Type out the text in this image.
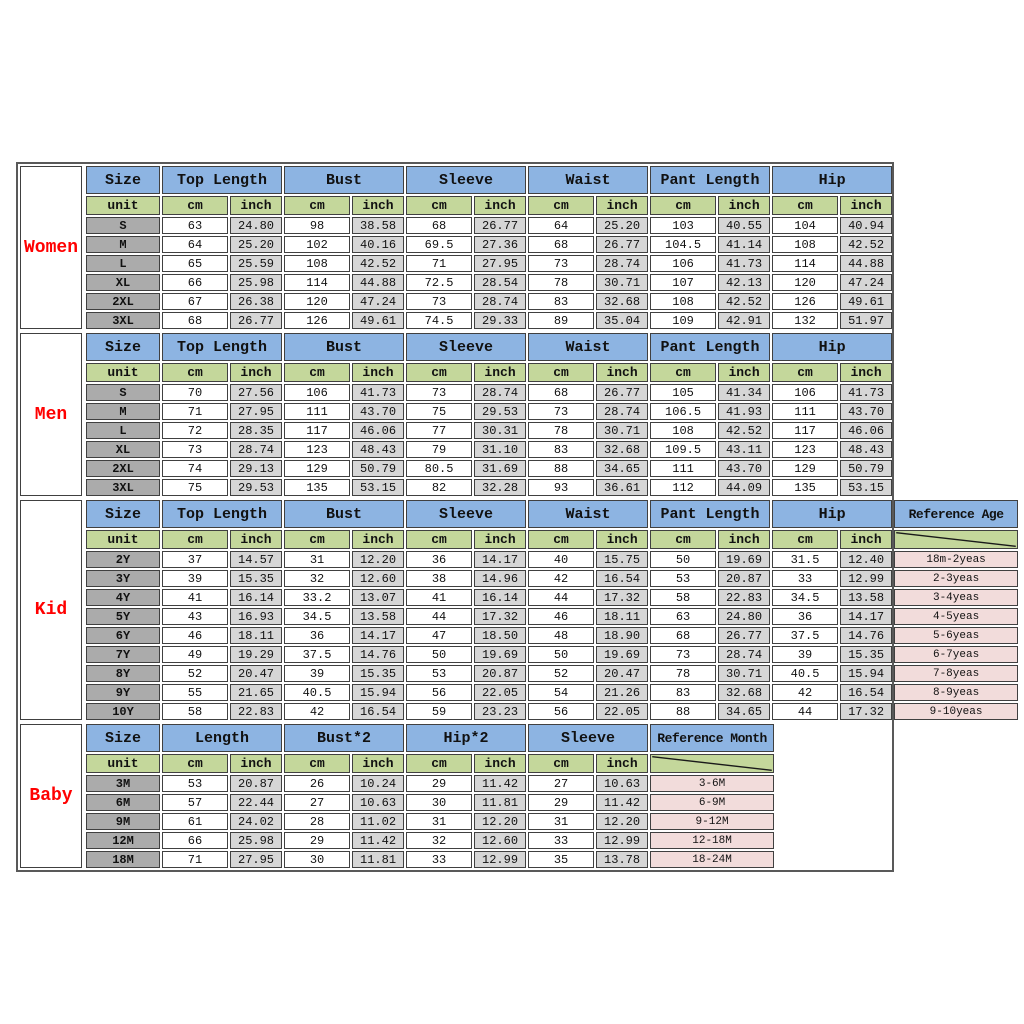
Women
Size	Top Length		Bust		Sleeve		Waist		Pant Length		Hip	
unit	cm	inch	cm	inch	cm	inch	cm	inch	cm	inch	cm	inch
S	63	24.80	98	38.58	68	26.77	64	25.20	103	40.55	104	40.94
M	64	25.20	102	40.16	69.5	27.36	68	26.77	104.5	41.14	108	42.52
L	65	25.59	108	42.52	71	27.95	73	28.74	106	41.73	114	44.88
XL	66	25.98	114	44.88	72.5	28.54	78	30.71	107	42.13	120	47.24
2XL	67	26.38	120	47.24	73	28.74	83	32.68	108	42.52	126	49.61
3XL	68	26.77	126	49.61	74.5	29.33	89	35.04	109	42.91	132	51.97
Men
Size	Top Length		Bust		Sleeve		Waist		Pant Length		Hip	
unit	cm	inch	cm	inch	cm	inch	cm	inch	cm	inch	cm	inch
S	70	27.56	106	41.73	73	28.74	68	26.77	105	41.34	106	41.73
M	71	27.95	111	43.70	75	29.53	73	28.74	106.5	41.93	111	43.70
L	72	28.35	117	46.06	77	30.31	78	30.71	108	42.52	117	46.06
XL	73	28.74	123	48.43	79	31.10	83	32.68	109.5	43.11	123	48.43
2XL	74	29.13	129	50.79	80.5	31.69	88	34.65	111	43.70	129	50.79
3XL	75	29.53	135	53.15	82	32.28	93	36.61	112	44.09	135	53.15
Kid
Size	Top Length		Bust		Sleeve		Waist		Pant Length		Hip		Reference Age
unit	cm	inch	cm	inch	cm	inch	cm	inch	cm	inch	cm	inch	

2Y	37	14.57	31	12.20	36	14.17	40	15.75	50	19.69	31.5	12.40	18m-2yeas
3Y	39	15.35	32	12.60	38	14.96	42	16.54	53	20.87	33	12.99	2-3yeas
4Y	41	16.14	33.2	13.07	41	16.14	44	17.32	58	22.83	34.5	13.58	3-4yeas
5Y	43	16.93	34.5	13.58	44	17.32	46	18.11	63	24.80	36	14.17	4-5yeas
6Y	46	18.11	36	14.17	47	18.50	48	18.90	68	26.77	37.5	14.76	5-6yeas
7Y	49	19.29	37.5	14.76	50	19.69	50	19.69	73	28.74	39	15.35	6-7yeas
8Y	52	20.47	39	15.35	53	20.87	52	20.47	78	30.71	40.5	15.94	7-8yeas
9Y	55	21.65	40.5	15.94	56	22.05	54	21.26	83	32.68	42	16.54	8-9yeas
10Y	58	22.83	42	16.54	59	23.23	56	22.05	88	34.65	44	17.32	9-10yeas
Baby
Size	Length		Bust*2		Hip*2		Sleeve		Reference Month
unit	cm	inch	cm	inch	cm	inch	cm	inch	

3M	53	20.87	26	10.24	29	11.42	27	10.63	3-6M
6M	57	22.44	27	10.63	30	11.81	29	11.42	6-9M
9M	61	24.02	28	11.02	31	12.20	31	12.20	9-12M
12M	66	25.98	29	11.42	32	12.60	33	12.99	12-18M
18M	71	27.95	30	11.81	33	12.99	35	13.78	18-24M
